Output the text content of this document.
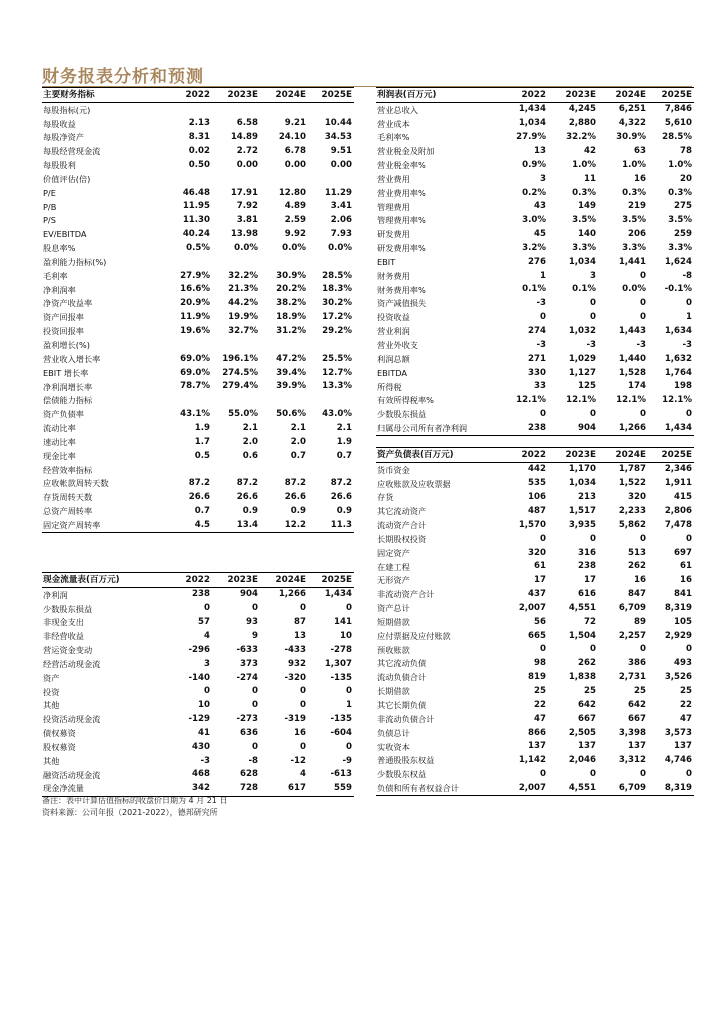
财务报表分析和预测
主要财务指标	2022	2023E	2024E	2025E
每股指标(元)				
每股收益	2.13	6.58	9.21	10.44
每股净资产	8.31	14.89	24.10	34.53
每股经营现金流	0.02	2.72	6.78	9.51
每股股利	0.50	0.00	0.00	0.00
价值评估(倍)				
P/E	46.48	17.91	12.80	11.29
P/B	11.95	7.92	4.89	3.41
P/S	11.30	3.81	2.59	2.06
EV/EBITDA	40.24	13.98	9.92	7.93
股息率%	0.5%	0.0%	0.0%	0.0%
盈利能力指标(%)				
毛利率	27.9%	32.2%	30.9%	28.5%
净利润率	16.6%	21.3%	20.2%	18.3%
净资产收益率	20.9%	44.2%	38.2%	30.2%
资产回报率	11.9%	19.9%	18.9%	17.2%
投资回报率	19.6%	32.7%	31.2%	29.2%
盈利增长(%)				
营业收入增长率	69.0%	196.1%	47.2%	25.5%
EBIT 增长率	69.0%	274.5%	39.4%	12.7%
净利润增长率	78.7%	279.4%	39.9%	13.3%
偿债能力指标				
资产负债率	43.1%	55.0%	50.6%	43.0%
流动比率	1.9	2.1	2.1	2.1
速动比率	1.7	2.0	2.0	1.9
现金比率	0.5	0.6	0.7	0.7
经营效率指标				
应收帐款周转天数	87.2	87.2	87.2	87.2
存货周转天数	26.6	26.6	26.6	26.6
总资产周转率	0.7	0.9	0.9	0.9
固定资产周转率	4.5	13.4	12.2	11.3
利润表(百万元)	2022	2023E	2024E	2025E
营业总收入	1,434	4,245	6,251	7,846
营业成本	1,034	2,880	4,322	5,610
毛利率%	27.9%	32.2%	30.9%	28.5%
营业税金及附加	13	42	63	78
营业税金率%	0.9%	1.0%	1.0%	1.0%
营业费用	3	11	16	20
营业费用率%	0.2%	0.3%	0.3%	0.3%
管理费用	43	149	219	275
管理费用率%	3.0%	3.5%	3.5%	3.5%
研发费用	45	140	206	259
研发费用率%	3.2%	3.3%	3.3%	3.3%
EBIT	276	1,034	1,441	1,624
财务费用	1	3	0	-8
财务费用率%	0.1%	0.1%	0.0%	-0.1%
资产减值损失	-3	0	0	0
投资收益	0	0	0	1
营业利润	274	1,032	1,443	1,634
营业外收支	-3	-3	-3	-3
利润总额	271	1,029	1,440	1,632
EBITDA	330	1,127	1,528	1,764
所得税	33	125	174	198
有效所得税率%	12.1%	12.1%	12.1%	12.1%
少数股东损益	0	0	0	0
归属母公司所有者净利润	238	904	1,266	1,434
资产负债表(百万元)	2022	2023E	2024E	2025E
货币资金	442	1,170	1,787	2,346
应收账款及应收票据	535	1,034	1,522	1,911
存货	106	213	320	415
其它流动资产	487	1,517	2,233	2,806
流动资产合计	1,570	3,935	5,862	7,478
长期股权投资	0	0	0	0
固定资产	320	316	513	697
在建工程	61	238	262	61
无形资产	17	17	16	16
非流动资产合计	437	616	847	841
资产总计	2,007	4,551	6,709	8,319
短期借款	56	72	89	105
应付票据及应付账款	665	1,504	2,257	2,929
预收账款	0	0	0	0
其它流动负债	98	262	386	493
流动负债合计	819	1,838	2,731	3,526
长期借款	25	25	25	25
其它长期负债	22	642	642	22
非流动负债合计	47	667	667	47
负债总计	866	2,505	3,398	3,573
实收资本	137	137	137	137
普通股股东权益	1,142	2,046	3,312	4,746
少数股东权益	0	0	0	0
负债和所有者权益合计	2,007	4,551	6,709	8,319
现金流量表(百万元)	2022	2023E	2024E	2025E
净利润	238	904	1,266	1,434
少数股东损益	0	0	0	0
非现金支出	57	93	87	141
非经营收益	4	9	13	10
营运资金变动	-296	-633	-433	-278
经营活动现金流	3	373	932	1,307
资产	-140	-274	-320	-135
投资	0	0	0	0
其他	10	0	0	1
投资活动现金流	-129	-273	-319	-135
债权募资	41	636	16	-604
股权募资	430	0	0	0
其他	-3	-8	-12	-9
融资活动现金流	468	628	4	-613
现金净流量	342	728	617	559
备注：表中计算估值指标的收盘价日期为 4 月 21 日
资料来源：公司年报（2021-2022），德邦研究所
